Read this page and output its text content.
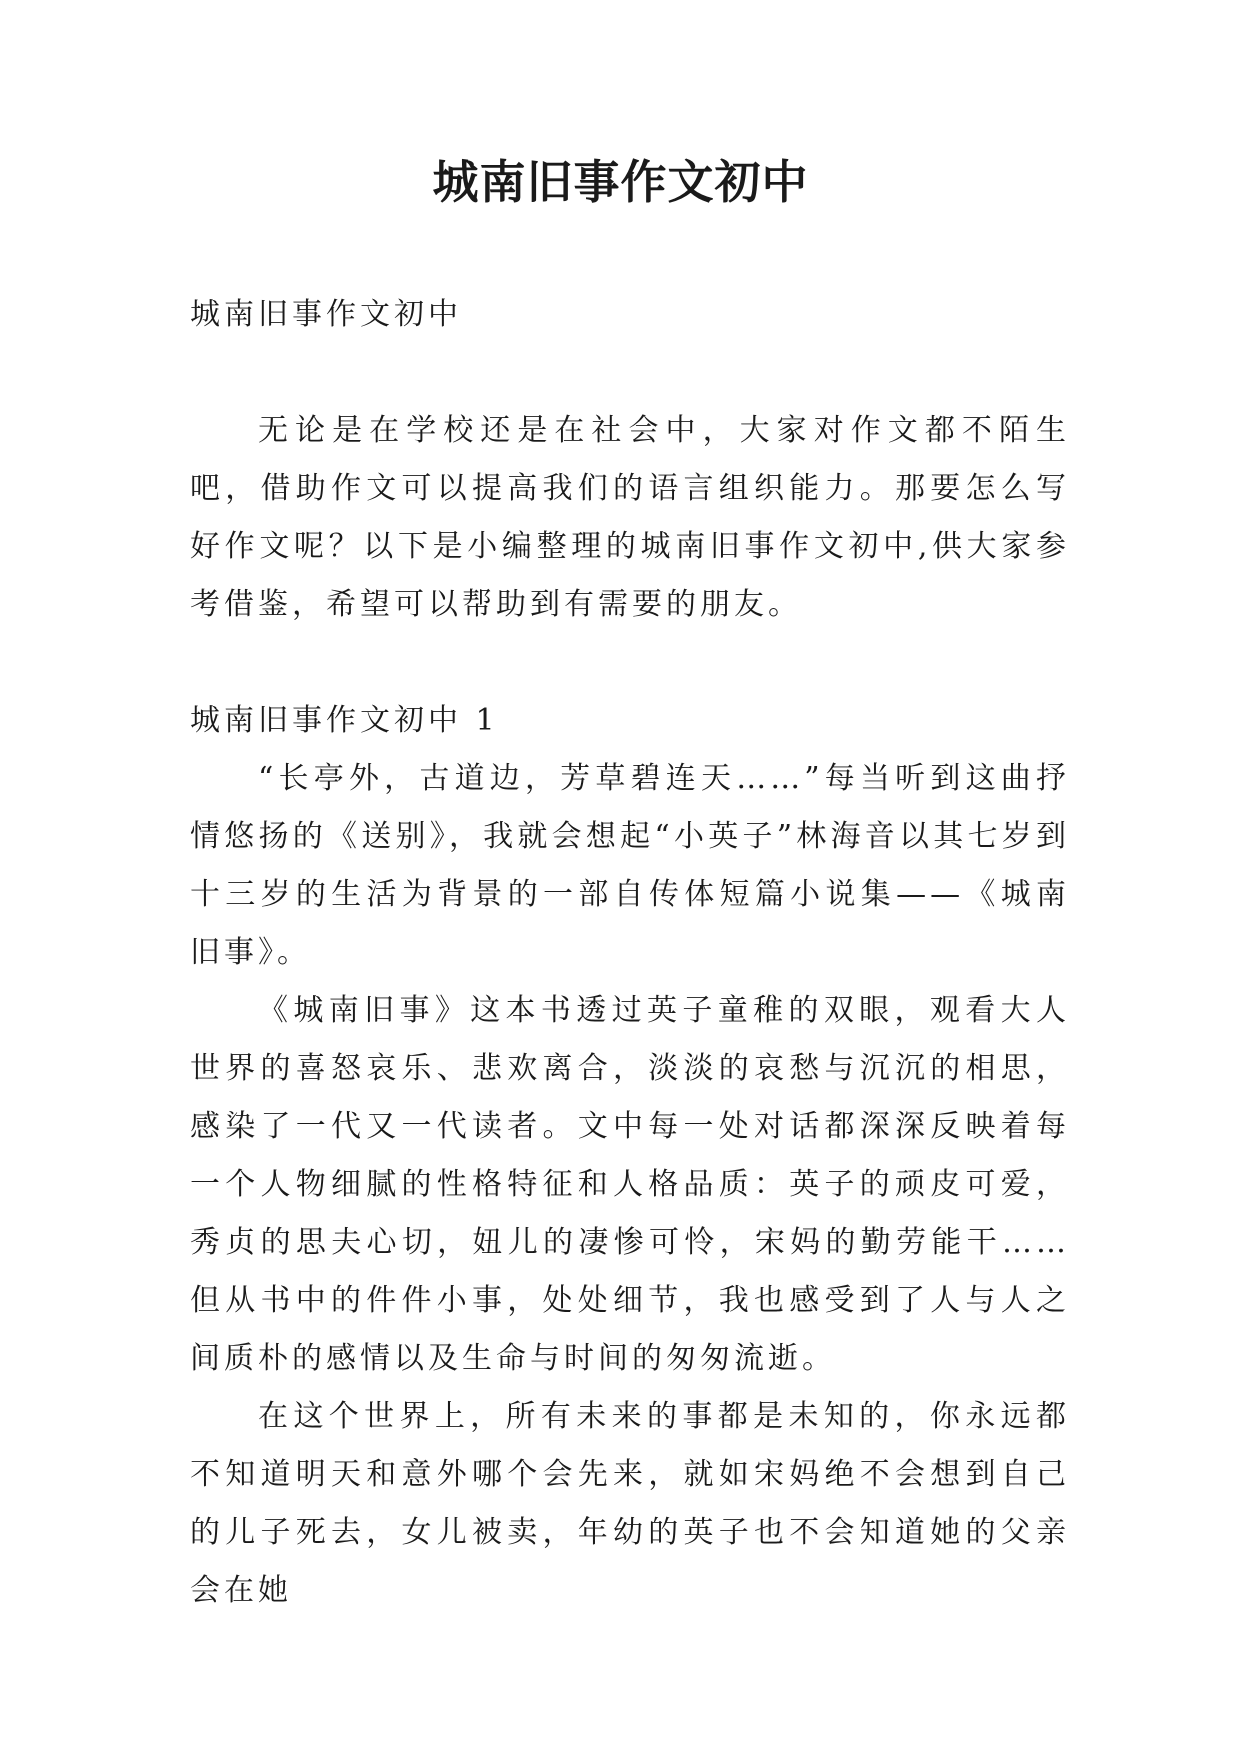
城南旧事作文初中

城南旧事作文初中

无论是在学校还是在社会中，大家对作文都不陌生吧，借助作文可以提高我们的语言组织能力。那要怎么写好作文呢？以下是小编整理的城南旧事作文初中,供大家参考借鉴，希望可以帮助到有需要的朋友。

城南旧事作文初中 1

“长亭外，古道边，芳草碧连天……”每当听到这曲抒情悠扬的《送别》，我就会想起“小英子”林海音以其七岁到十三岁的生活为背景的一部自传体短篇小说集——《城南旧事》。

《城南旧事》这本书透过英子童稚的双眼，观看大人世界的喜怒哀乐、悲欢离合，淡淡的哀愁与沉沉的相思，感染了一代又一代读者。文中每一处对话都深深反映着每一个人物细腻的性格特征和人格品质：英子的顽皮可爱，秀贞的思夫心切，妞儿的凄惨可怜，宋妈的勤劳能干……但从书中的件件小事，处处细节，我也感受到了人与人之间质朴的感情以及生命与时间的匆匆流逝。

在这个世界上，所有未来的事都是未知的，你永远都不知道明天和意外哪个会先来，就如宋妈绝不会想到自己的儿子死去，女儿被卖，年幼的英子也不会知道她的父亲会在她
